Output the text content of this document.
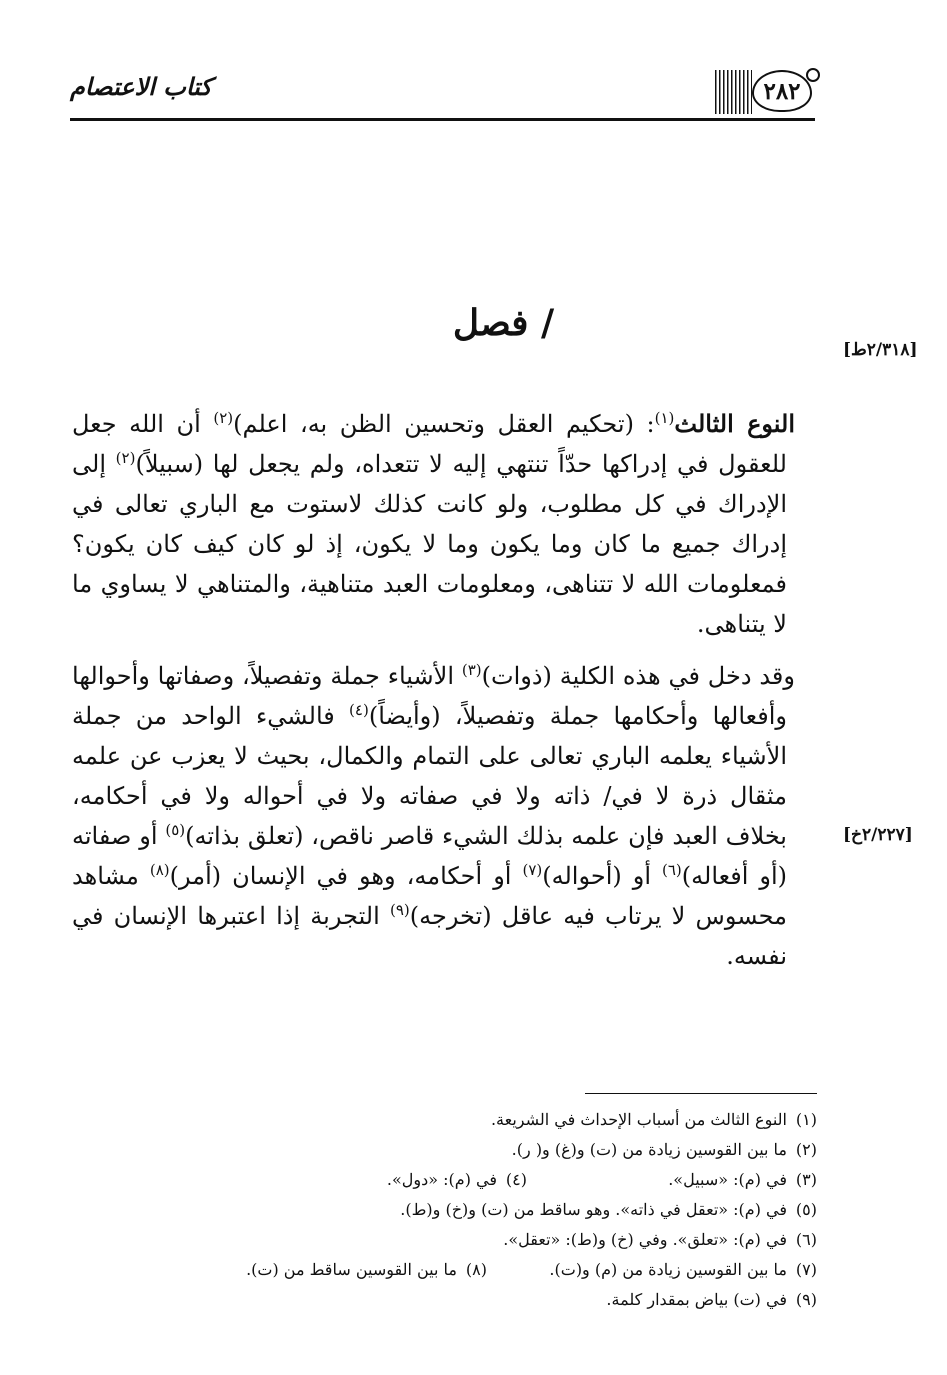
كتاب الاعتصام	٢٨٢
[٢/٣١٨ط]
[٢/٢٢٧خ]
/ فصل

النوع الثالث$^{(١)}$: (تحكيم العقل وتحسين الظن به، اعلم)$^{(٢)}$ أن الله جعل للعقول في إدراكها حدّاً تنتهي إليه لا تتعداه، ولم يجعل لها (سبيلاً)$^{(٢)}$ إلى الإدراك في كل مطلوب، ولو كانت كذلك لاستوت مع الباري تعالى في إدراك جميع ما كان وما يكون وما لا يكون، إذ لو كان كيف كان يكون؟ فمعلومات الله لا تتناهى، ومعلومات العبد متناهية، والمتناهي لا يساوي ما لا يتناهى.

وقد دخل في هذه الكلية (ذوات)$^{(٣)}$ الأشياء جملة وتفصيلاً، وصفاتها وأحوالها وأفعالها وأحكامها جملة وتفصيلاً، (وأيضاً)$^{(٤)}$ فالشيء الواحد من جملة الأشياء يعلمه الباري تعالى على التمام والكمال، بحيث لا يعزب عن علمه مثقال ذرة لا في/ ذاته ولا في صفاته ولا في أحواله ولا في أحكامه، بخلاف العبد فإن علمه بذلك الشيء قاصر ناقص، (تعلق بذاته)$^{(٥)}$ أو صفاته (أو أفعاله)$^{(٦)}$ أو (أحواله)$^{(٧)}$ أو أحكامه، وهو في الإنسان (أمر)$^{(٨)}$ مشاهد محسوس لا يرتاب فيه عاقل (تخرجه)$^{(٩)}$ التجربة إذا اعتبرها الإنسان في نفسه.

(١)
النوع الثالث من أسباب الإحداث في الشريعة.
(٢)
ما بين القوسين زيادة من (ت) و(غ) و( ر).
(٣)
في (م): «سبيل».
(٤)
في (م): «دول».
(٥)
في (م): «تعقل في ذاته». وهو ساقط من (ت) و(خ) و(ط).
(٦)
في (م): «تعلق». وفي (خ) و(ط): «تعقل».
(٧)
ما بين القوسين زيادة من (م) و(ت).
(٨)
ما بين القوسين ساقط من (ت).
(٩)
في (ت) بياض بمقدار كلمة.
